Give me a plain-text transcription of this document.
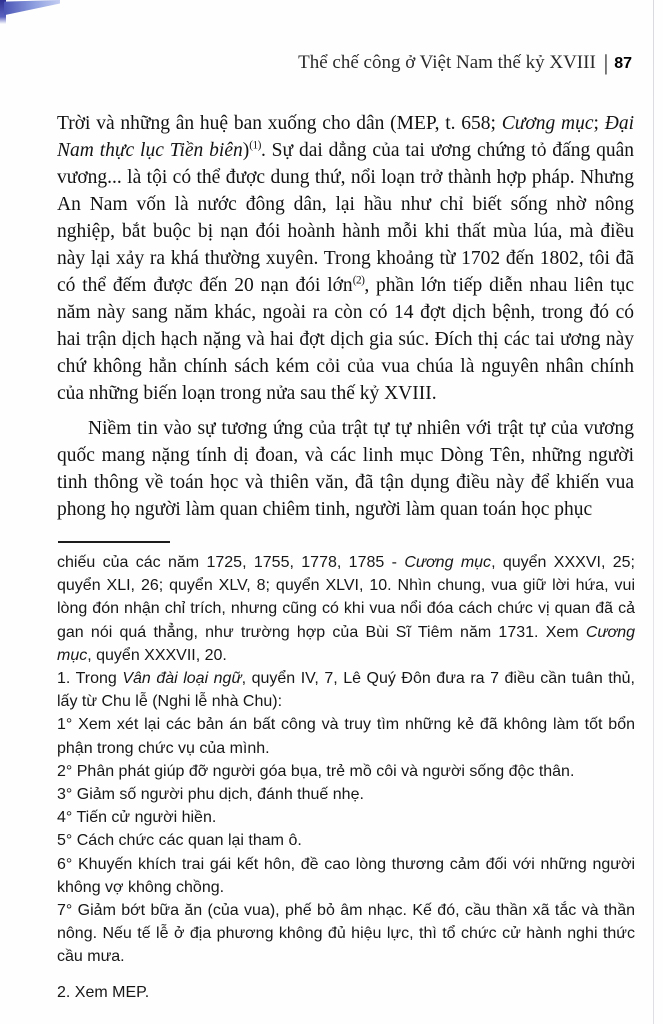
Thể chế công ở Việt Nam thế kỷ XVIII | 87

Trời và những ân huệ ban xuống cho dân (MEP, t. 658; Cương mục; Đại Nam thực lục Tiền biên)$^{(1)}$. Sự dai dẳng của tai ương chứng tỏ đấng quân vương... là tội có thể được dung thứ, nổi loạn trở thành hợp pháp. Nhưng An Nam vốn là nước đông dân, lại hầu như chỉ biết sống nhờ nông nghiệp, bắt buộc bị nạn đói hoành hành mỗi khi thất mùa lúa, mà điều này lại xảy ra khá thường xuyên. Trong khoảng từ 1702 đến 1802, tôi đã có thể đếm được đến 20 nạn đói lớn$^{(2)}$, phần lớn tiếp diễn nhau liên tục năm này sang năm khác, ngoài ra còn có 14 đợt dịch bệnh, trong đó có hai trận dịch hạch nặng và hai đợt dịch gia súc. Đích thị các tai ương này chứ không hẳn chính sách kém cỏi của vua chúa là nguyên nhân chính của những biến loạn trong nửa sau thế kỷ XVIII.

Niềm tin vào sự tương ứng của trật tự tự nhiên với trật tự của vương quốc mang nặng tính dị đoan, và các linh mục Dòng Tên, những người tinh thông về toán học và thiên văn, đã tận dụng điều này để khiến vua phong họ người làm quan chiêm tinh, người làm quan toán học phục

chiếu của các năm 1725, 1755, 1778, 1785 - Cương mục, quyển XXXVI, 25; quyển XLI, 26; quyển XLV, 8; quyển XLVI, 10. Nhìn chung, vua giữ lời hứa, vui lòng đón nhận chỉ trích, nhưng cũng có khi vua nổi đóa cách chức vị quan đã cả gan nói quá thẳng, như trường hợp của Bùi Sĩ Tiêm năm 1731. Xem Cương mục, quyển XXXVII, 20.

1. Trong Vân đài loại ngữ, quyển IV, 7, Lê Quý Đôn đưa ra 7 điều cần tuân thủ, lấy từ Chu lễ (Nghi lễ nhà Chu):

1° Xem xét lại các bản án bất công và truy tìm những kẻ đã không làm tốt bổn phận trong chức vụ của mình.

2° Phân phát giúp đỡ người góa bụa, trẻ mồ côi và người sống độc thân.

3° Giảm số người phu dịch, đánh thuế nhẹ.

4° Tiến cử người hiền.

5° Cách chức các quan lại tham ô.

6° Khuyến khích trai gái kết hôn, đề cao lòng thương cảm đối với những người không vợ không chồng.

7° Giảm bớt bữa ăn (của vua), phế bỏ âm nhạc. Kế đó, cầu thần xã tắc và thần nông. Nếu tế lễ ở địa phương không đủ hiệu lực, thì tổ chức cử hành nghi thức cầu mưa.

2. Xem MEP.
